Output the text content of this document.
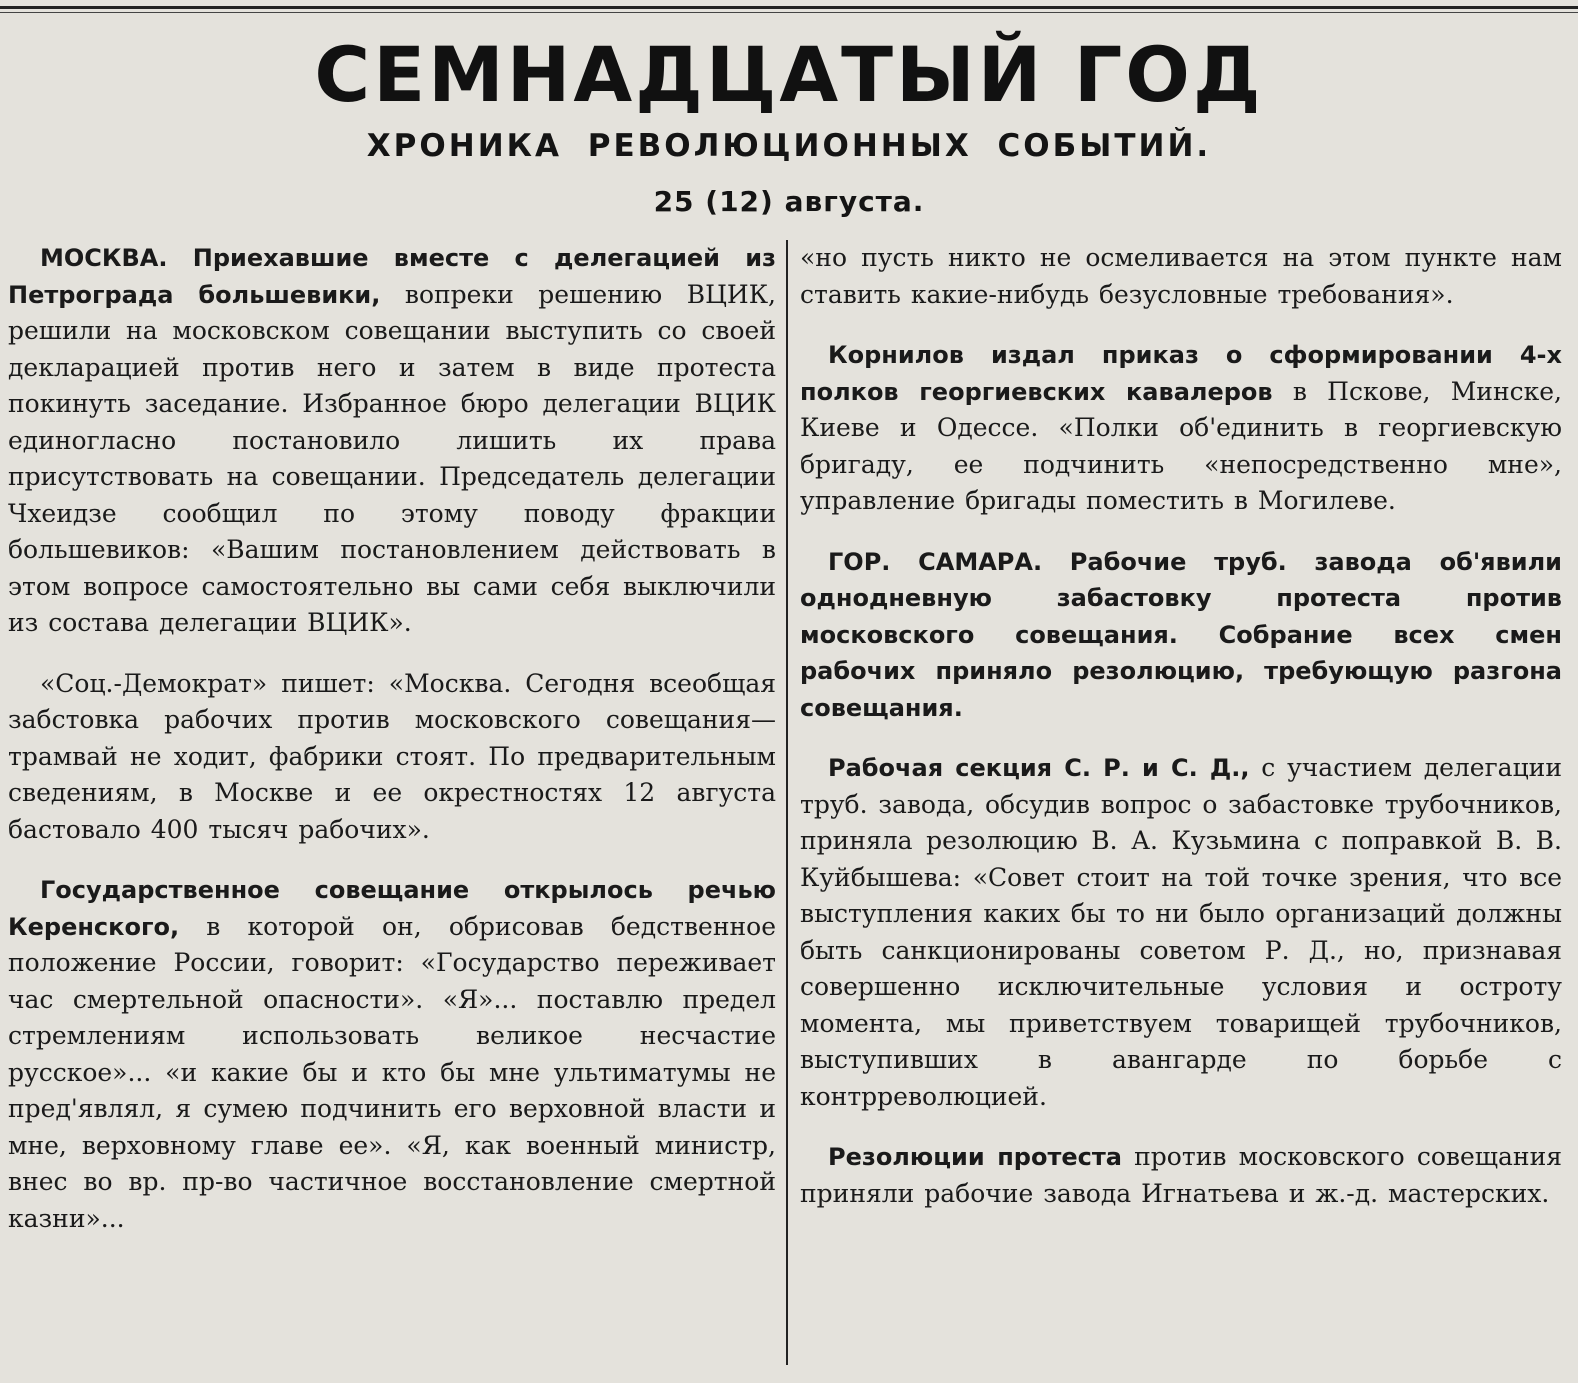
СЕМНАДЦАТЫЙ ГОД
ХРОНИКА РЕВОЛЮЦИОННЫХ СОБЫТИЙ.
25 (12) августа.

МОСКВА. Приехавшие вместе с делегацией из Петрограда большевики, вопреки решению ВЦИК, решили на московском совещании выступить со своей декларацией против него и затем в виде протеста покинуть заседание. Избранное бюро делегации ВЦИК единогласно постановило лишить их права присутствовать на совещании. Председатель делегации Чхеидзе сообщил по этому поводу фракции большевиков: «Вашим постановлением действовать в этом вопросе самостоятельно вы сами себя выключили из состава делегации ВЦИК».

«Соц.-Демократ» пишет: «Москва. Сегодня всеобщая забстовка рабочих против московского совещания—трамвай не ходит, фабрики стоят. По предварительным сведениям, в Москве и ее окрестностях 12 августа бастовало 400 тысяч рабочих».

Государственное совещание открылось речью Керенского, в которой он, обрисовав бедственное положение России, говорит: «Государство переживает час смертельной опасности». «Я»... поставлю предел стремлениям использовать великое несчастие русское»... «и какие бы и кто бы мне ультиматумы не пред'являл, я сумею подчинить его верховной власти и мне, верховному главе ее». «Я, как военный министр, внес во вр. пр-во частичное восстановление смертной казни»...

«но пусть никто не осмеливается на этом пункте нам ставить какие-нибудь безусловные требования».

Корнилов издал приказ о сформировании 4-х полков георгиевских кавалеров в Пскове, Минске, Киеве и Одессе. «Полки об'единить в георгиевскую бригаду, ее подчинить «непосредственно мне», управление бригады поместить в Могилеве.

ГОР. САМАРА. Рабочие труб. завода об'явили однодневную забастовку протеста против московского совещания. Собрание всех смен рабочих приняло резолюцию, требующую разгона совещания.

Рабочая секция С. Р. и С. Д., с участием делегации труб. завода, обсудив вопрос о забастовке трубочников, приняла резолюцию В. А. Кузьмина с поправкой В. В. Куйбышева: «Совет стоит на той точке зрения, что все выступления каких бы то ни было организаций должны быть санкционированы советом Р. Д., но, признавая совершенно исключительные условия и остроту момента, мы приветствуем товарищей трубочников, выступивших в авангарде по борьбе с контрреволюцией.

Резолюции протеста против московского совещания приняли рабочие завода Игнатьева и ж.-д. мастерских.
